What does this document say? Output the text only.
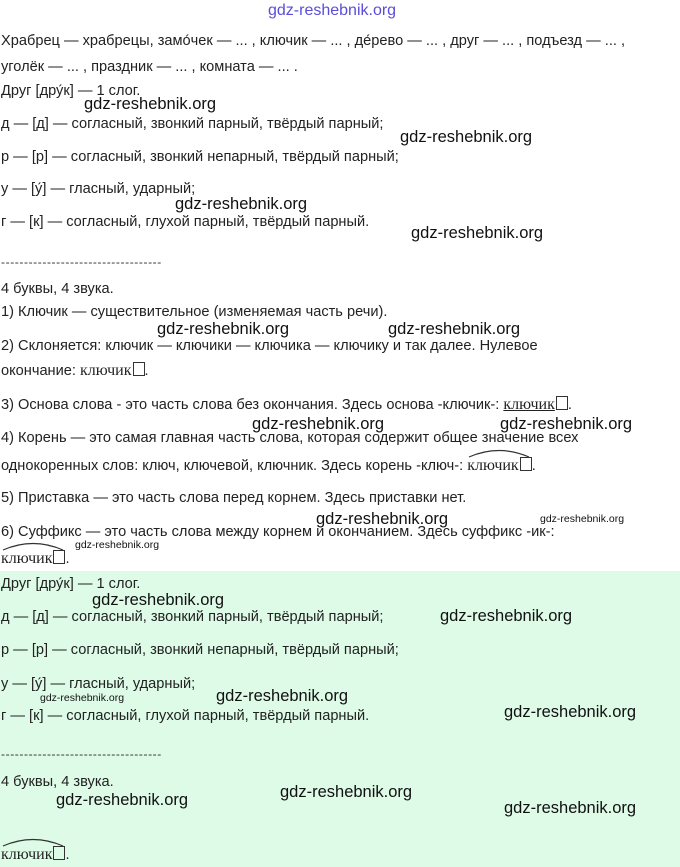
gdz-reshebnik.org
Храбрец — храбрецы, замо́чек — ... , ключик — ... , де́рево — ... , друг — ... , подъезд — ... ,
уголёк — ... , праздник — ... , комната — ... .
Друг [дру́к] — 1 слог.
gdz-reshebnik.org
д — [д] — согласный, звонкий парный, твёрдый парный;
gdz-reshebnik.org
р — [р] — согласный, звонкий непарный, твёрдый парный;
у — [у́] — гласный, ударный;
gdz-reshebnik.org
г — [к] — согласный, глухой парный, твёрдый парный.
gdz-reshebnik.org
-----------------------------------
4 буквы, 4 звука.
1) Ключик — существительное (изменяемая часть речи).
gdz-reshebnik.org	gdz-reshebnik.org
2) Склоняется: ключик — ключики — ключика — ключику и так далее. Нулевое
окончание: ключик .
3) Основа слова - это часть слова без окончания. Здесь основа -ключик-: ключик .
gdz-reshebnik.org	gdz-reshebnik.org
4) Корень — это самая главная часть слова, которая содержит общее значение всех
однокоренных слов: ключ, ключевой, ключник. Здесь корень -ключ-: ключик .
5) Приставка — это часть слова перед корнем. Здесь приставки нет.
gdz-reshebnik.org	gdz-reshebnik.org
6) Суффикс — это часть слова между корнем и окончанием. Здесь суффикс -ик-:
gdz-reshebnik.org
ключик .
Друг [дру́к] — 1 слог.
gdz-reshebnik.org
д — [д] — согласный, звонкий парный, твёрдый парный;	gdz-reshebnik.org
р — [р] — согласный, звонкий непарный, твёрдый парный;
у — [у́] — гласный, ударный;
gdz-reshebnik.org	gdz-reshebnik.org
г — [к] — согласный, глухой парный, твёрдый парный.	gdz-reshebnik.org
-----------------------------------
4 буквы, 4 звука.
gdz-reshebnik.org	gdz-reshebnik.org
gdz-reshebnik.org
ключик .
